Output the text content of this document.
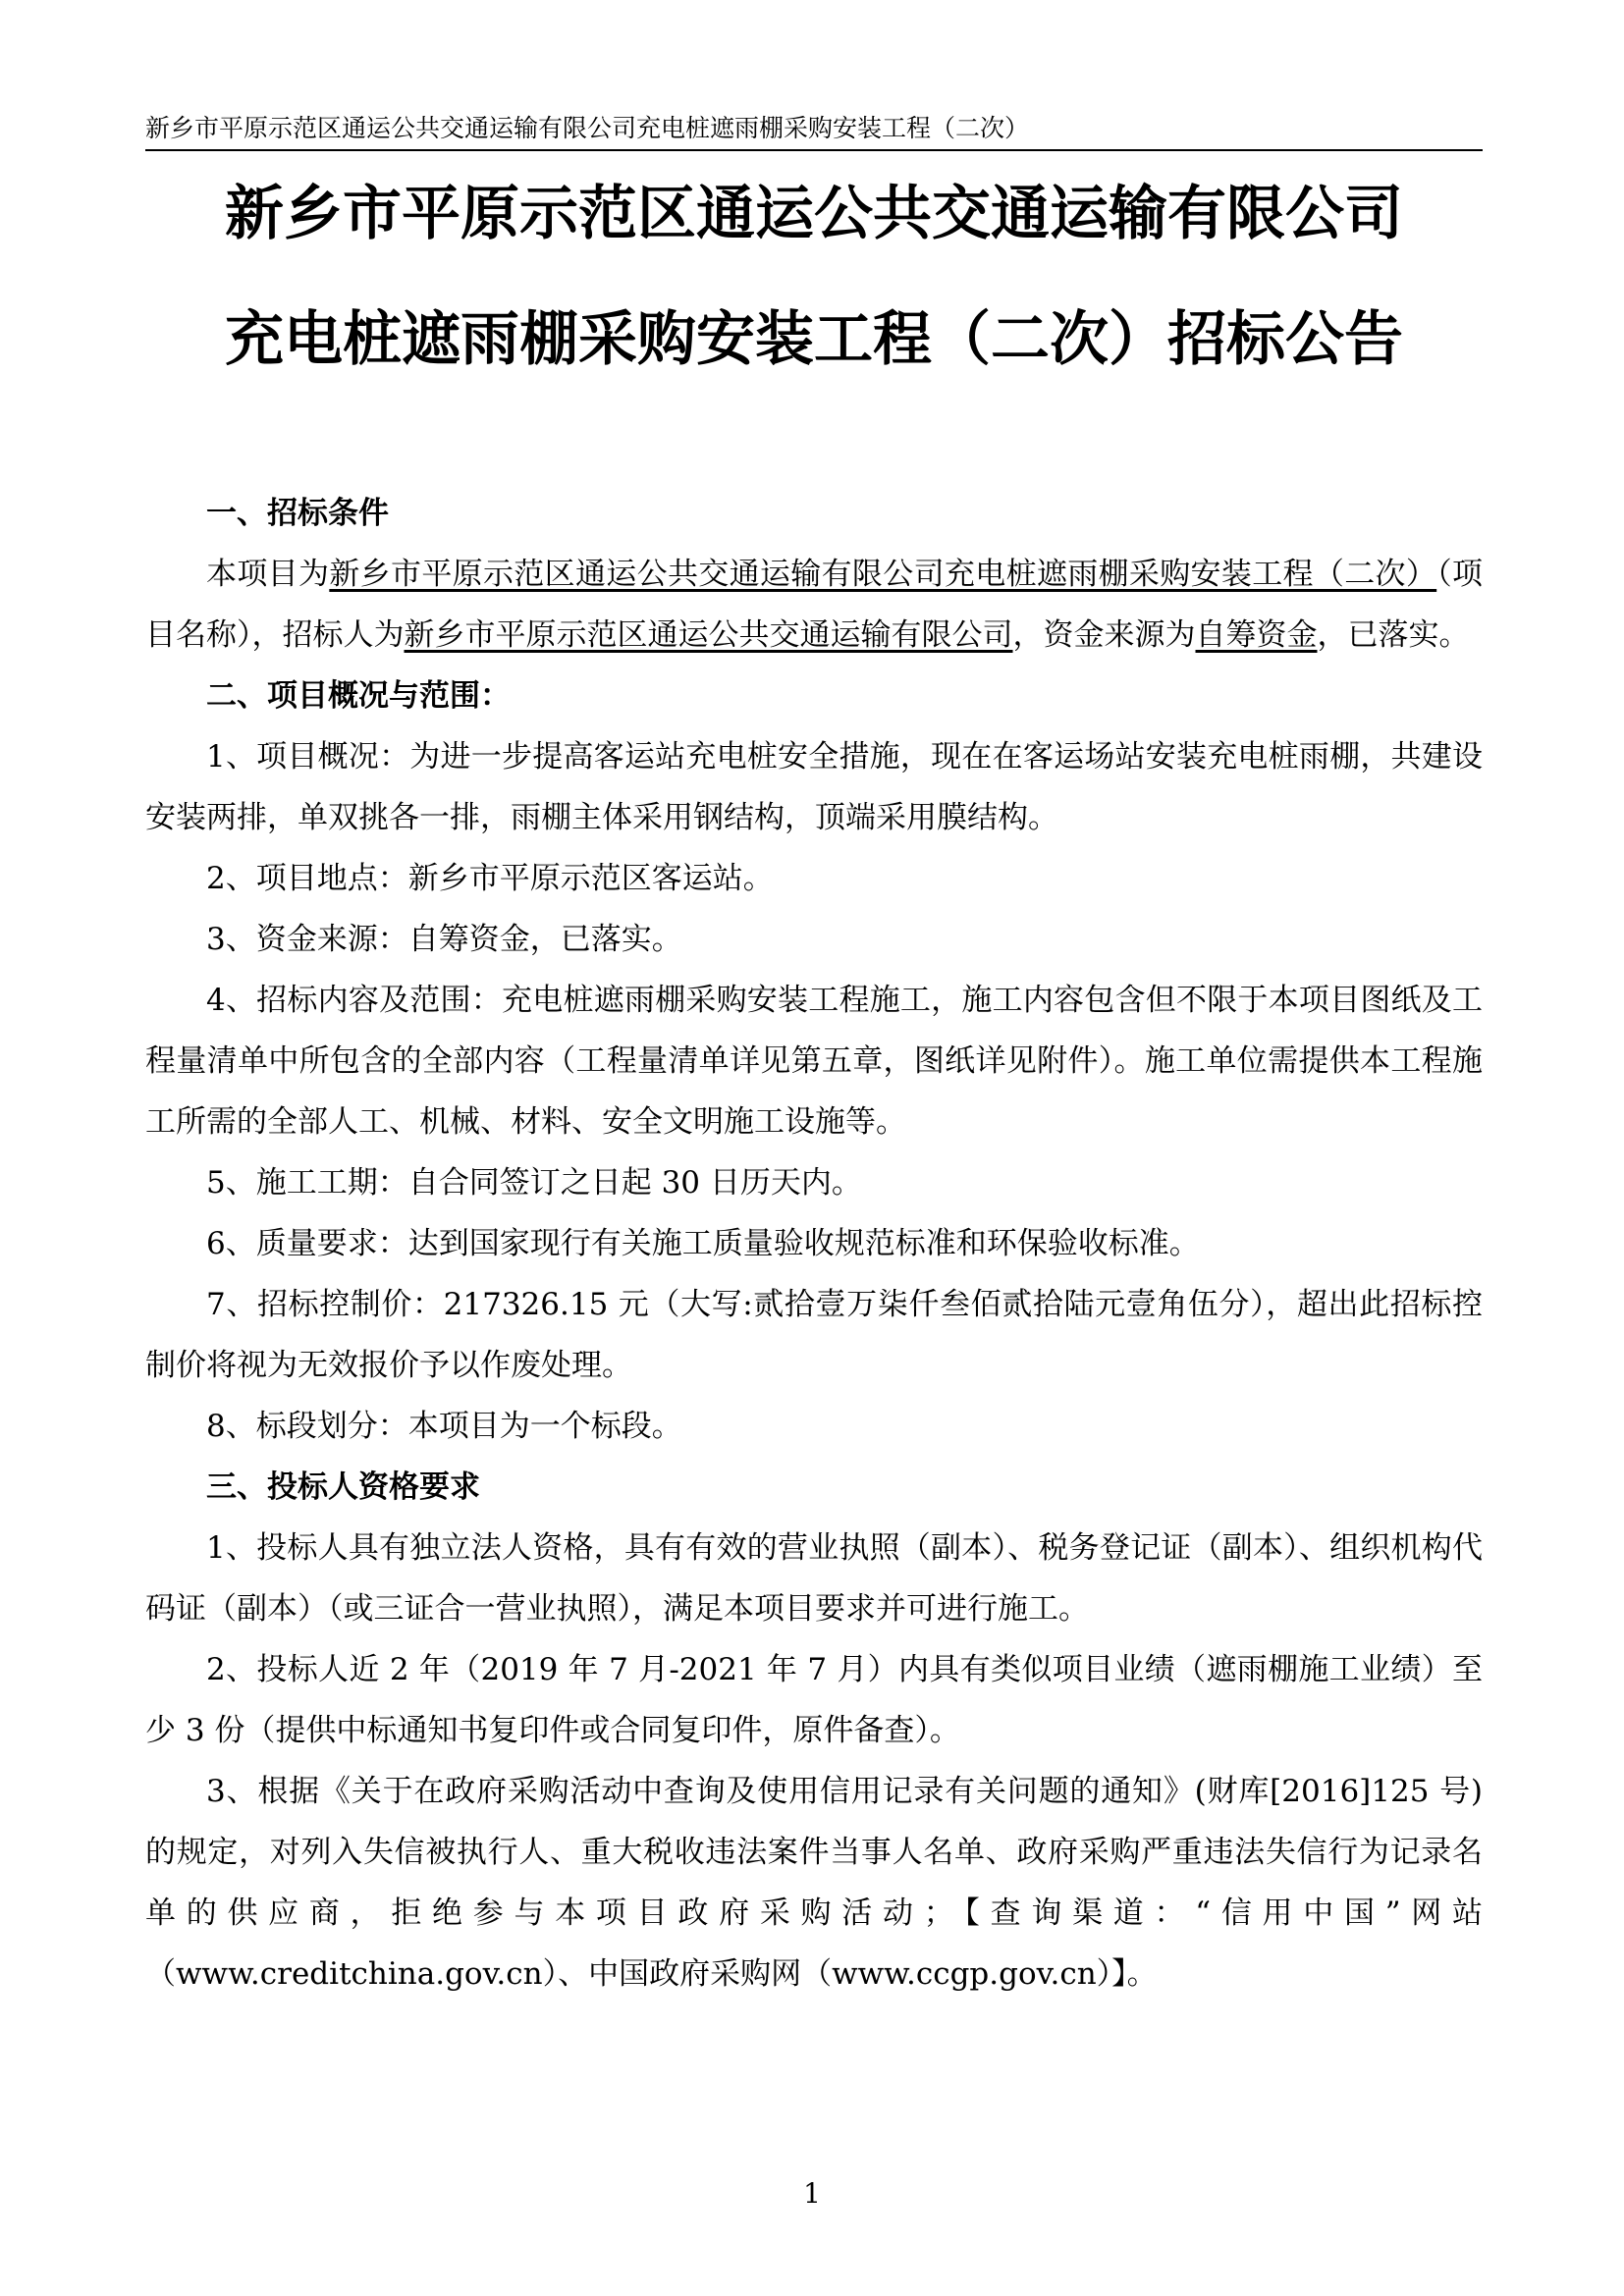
新乡市平原示范区通运公共交通运输有限公司充电桩遮雨棚采购安装工程（二次）
新乡市平原示范区通运公共交通运输有限公司
充电桩遮雨棚采购安装工程（二次）招标公告
一、招标条件

本项目为新乡市平原示范区通运公共交通运输有限公司充电桩遮雨棚采购安装工程（二次）（项目名称），招标人为新乡市平原示范区通运公共交通运输有限公司，资金来源为自筹资金，已落实。

二、项目概况与范围：

1、项目概况：为进一步提高客运站充电桩安全措施，现在在客运场站安装充电桩雨棚，共建设安装两排，单双挑各一排，雨棚主体采用钢结构，顶端采用膜结构。

2、项目地点：新乡市平原示范区客运站。

3、资金来源：自筹资金，已落实。

4、招标内容及范围：充电桩遮雨棚采购安装工程施工，施工内容包含但不限于本项目图纸及工程量清单中所包含的全部内容（工程量清单详见第五章，图纸详见附件）。施工单位需提供本工程施工所需的全部人工、机械、材料、安全文明施工设施等。

5、施工工期：自合同签订之日起 30 日历天内。

6、质量要求：达到国家现行有关施工质量验收规范标准和环保验收标准。

7、招标控制价：217326.15 元（大写:贰拾壹万柒仟叁佰贰拾陆元壹角伍分），超出此招标控制价将视为无效报价予以作废处理。

8、标段划分：本项目为一个标段。

三、投标人资格要求

1、投标人具有独立法人资格，具有有效的营业执照（副本）、税务登记证（副本）、组织机构代码证（副本）（或三证合一营业执照），满足本项目要求并可进行施工。

2、投标人近 2 年（2019 年 7 月-2021 年 7 月）内具有类似项目业绩（遮雨棚施工业绩）至少 3 份（提供中标通知书复印件或合同复印件，原件备查）。

3、根据《关于在政府采购活动中查询及使用信用记录有关问题的通知》(财库[2016]125 号)的规定，对列入失信被执行人、重大税收违法案件当事人名单、政府采购严重违法失信行为记录名单的供应商，拒绝参与本项目政府采购活动；【查询渠道：“信用中国”网站（www.creditchina.gov.cn）、中国政府采购网（www.ccgp.gov.cn）】。

1
